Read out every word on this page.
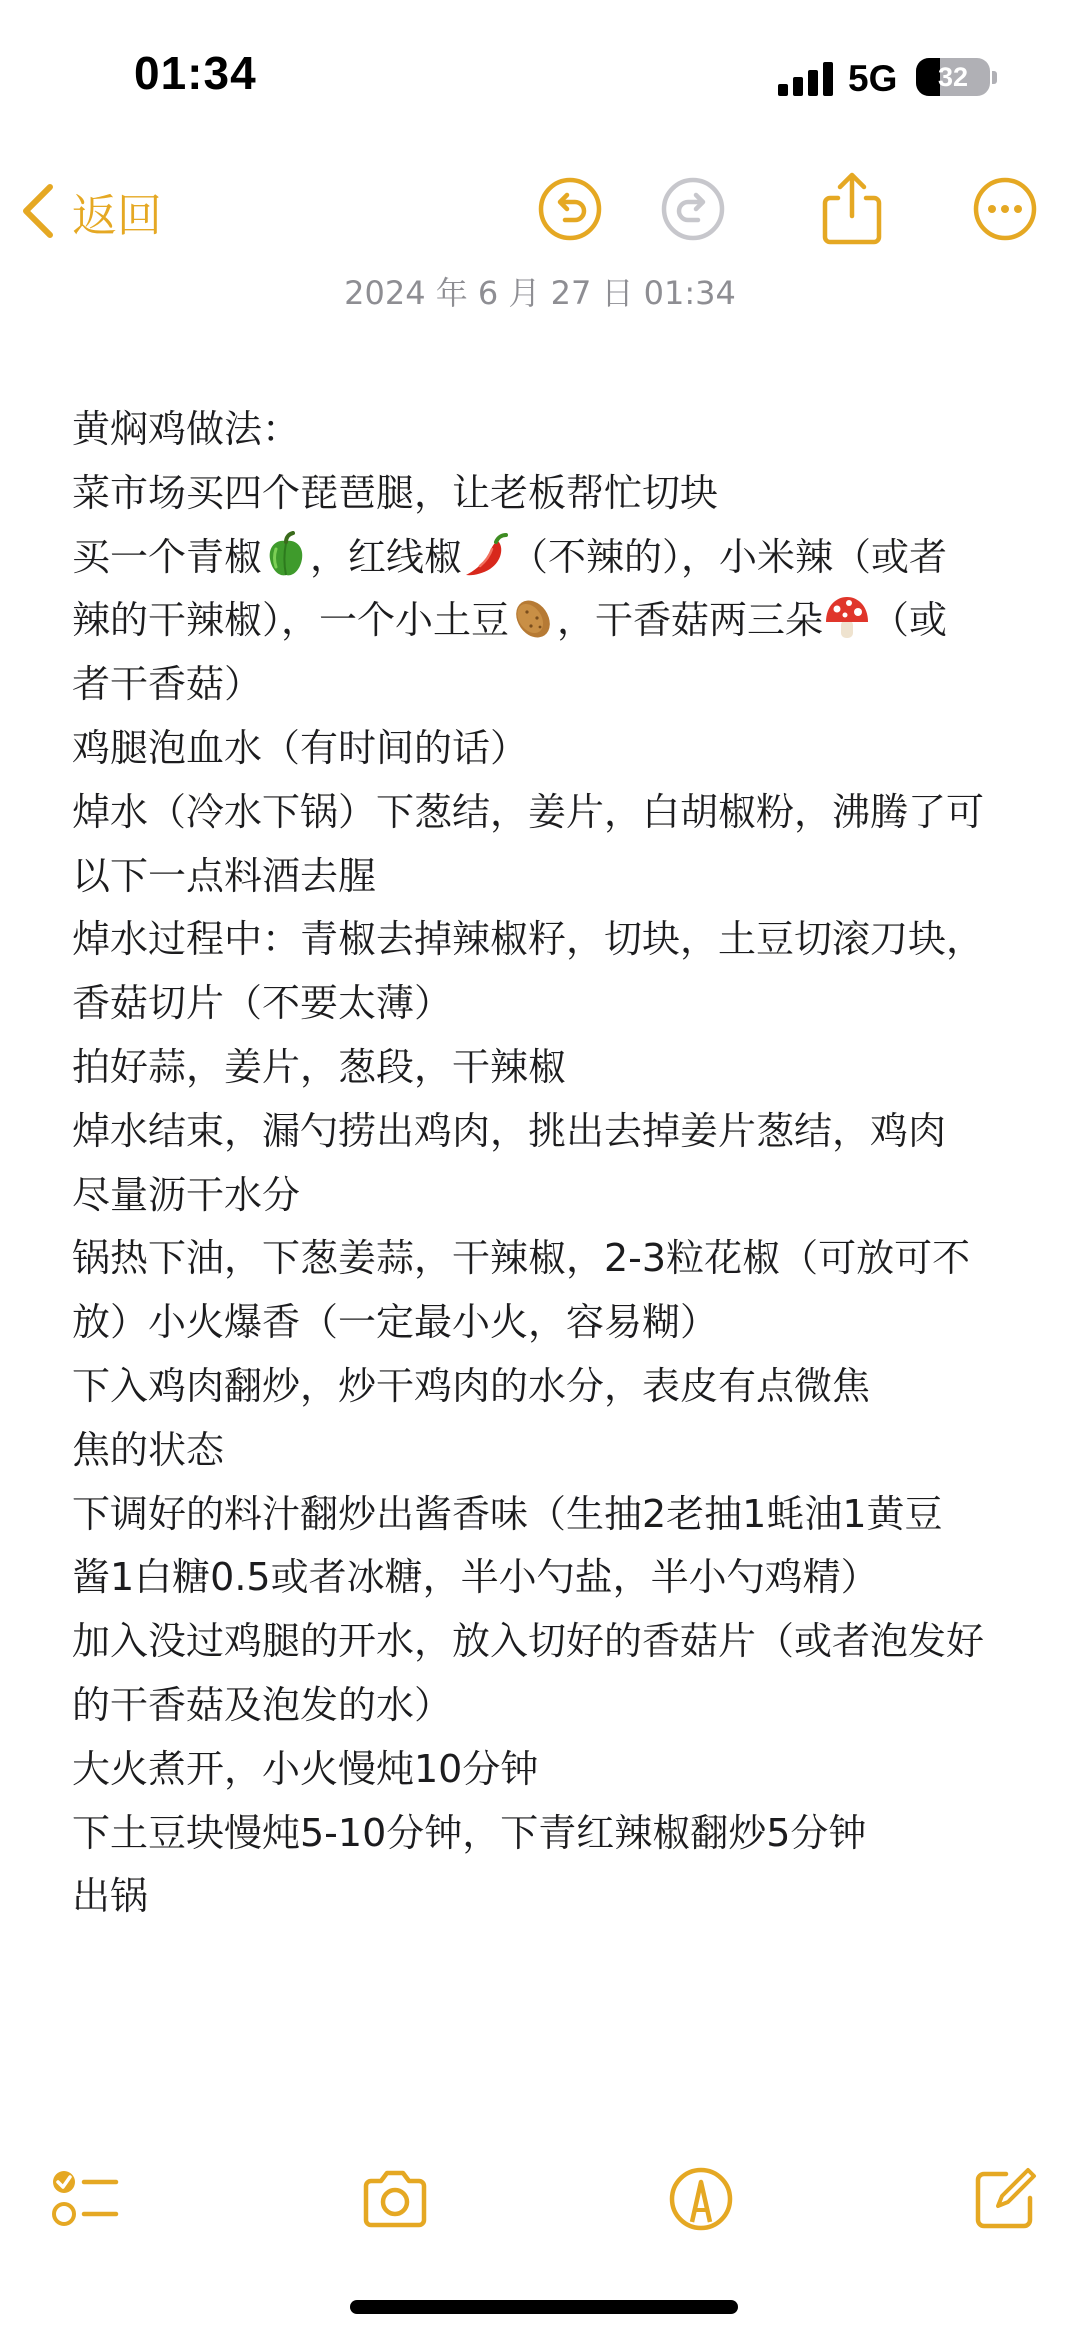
01:34	5G	32
返回
2024 年 6 月 27 日 01:34
黄焖鸡做法：
菜市场买四个琵琶腿，让老板帮忙切块
买一个青椒 ，红线椒 （不辣的），小米辣（或者
辣的干辣椒），一个小土豆 ，干香菇两三朵 （或
者干香菇）
鸡腿泡血水（有时间的话）
焯水（冷水下锅）下葱结，姜片，白胡椒粉，沸腾了可
以下一点料酒去腥
焯水过程中：青椒去掉辣椒籽，切块，土豆切滚刀块，
香菇切片（不要太薄）
拍好蒜，姜片，葱段，干辣椒
焯水结束，漏勺捞出鸡肉，挑出去掉姜片葱结，鸡肉
尽量沥干水分
锅热下油，下葱姜蒜，干辣椒，2-3粒花椒（可放可不
放）小火爆香（一定最小火，容易糊）
下入鸡肉翻炒，炒干鸡肉的水分，表皮有点微焦
焦的状态
下调好的料汁翻炒出酱香味（生抽2老抽1蚝油1黄豆
酱1白糖0.5或者冰糖，半小勺盐，半小勺鸡精）
加入没过鸡腿的开水，放入切好的香菇片（或者泡发好
的干香菇及泡发的水）
大火煮开，小火慢炖10分钟
下土豆块慢炖5-10分钟，下青红辣椒翻炒5分钟
出锅
